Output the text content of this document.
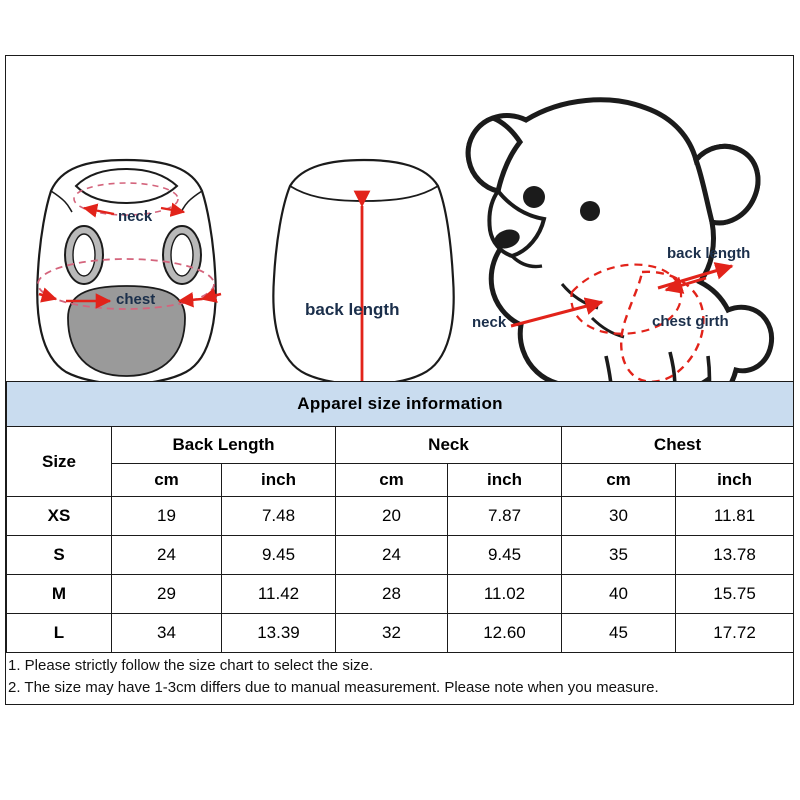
neck
chest
back length
neck
back length
chest girth
Apparel size information						
Size	Back Length		Neck		Chest	
	cm	inch	cm	inch	cm	inch
XS	19	7.48	20	7.87	30	11.81
S	24	9.45	24	9.45	35	13.78
M	29	11.42	28	11.02	40	15.75
L	34	13.39	32	12.60	45	17.72
1. Please strictly follow the size chart to select the size.
2. The size may have 1-3cm differs due to manual measurement. Please note when you measure.
